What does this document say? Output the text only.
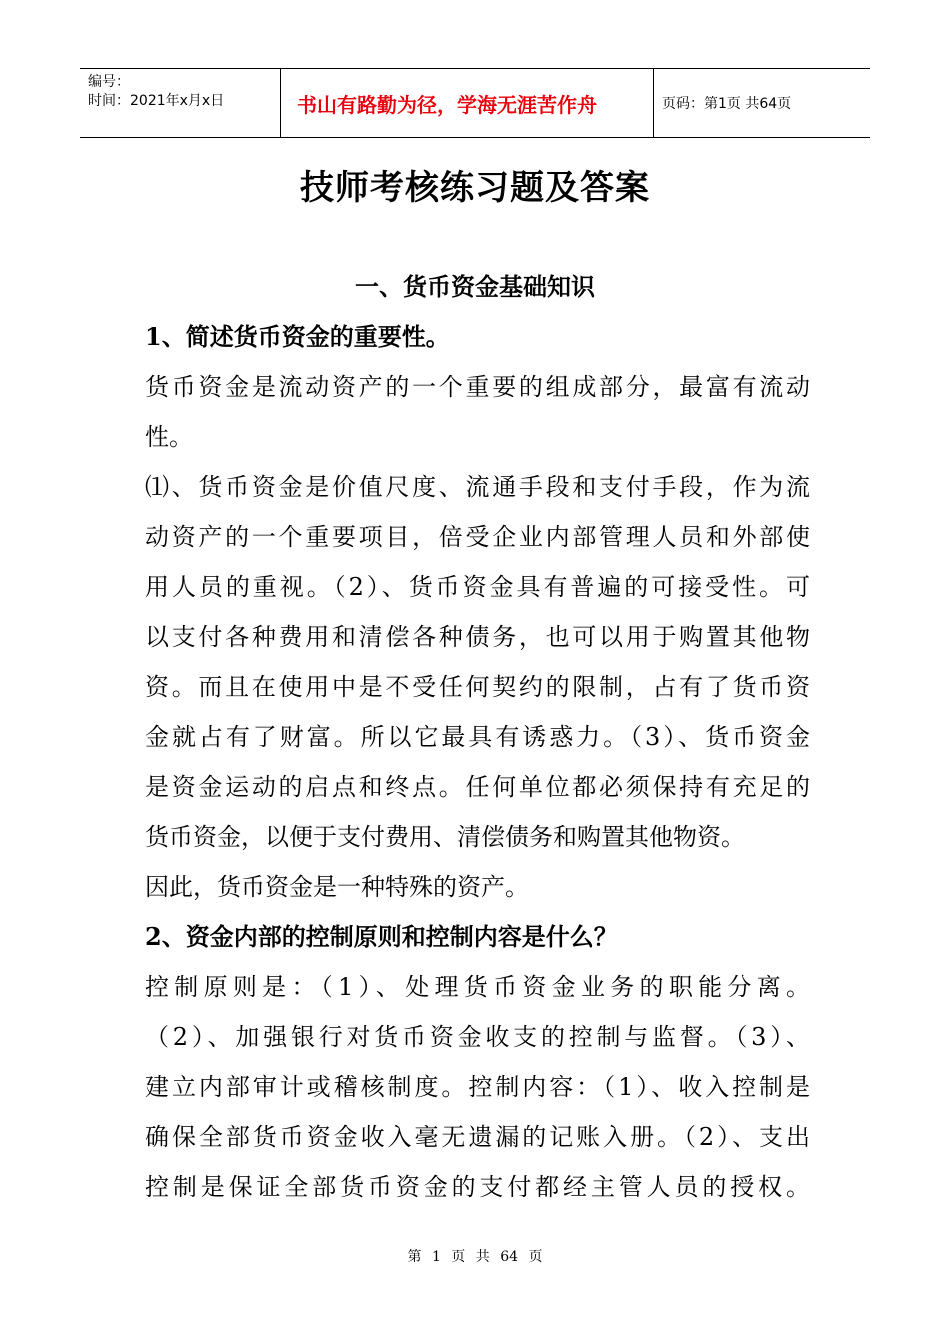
编号：
时间：2021年x月x日	书山有路勤为径，学海无涯苦作舟	页码：第1页 共64页
技师考核练习题及答案
一、货币资金基础知识
1、简述货币资金的重要性。
货币资金是流动资产的一个重要的组成部分，最富有流动
性。
⑴、货币资金是价值尺度、流通手段和支付手段，作为流
动资产的一个重要项目，倍受企业内部管理人员和外部使
用人员的重视。（2）、货币资金具有普遍的可接受性。可
以支付各种费用和清偿各种债务，也可以用于购置其他物
资。而且在使用中是不受任何契约的限制，占有了货币资
金就占有了财富。所以它最具有诱惑力。（3）、货币资金
是资金运动的启点和终点。任何单位都必须保持有充足的
货币资金，以便于支付费用、清偿债务和购置其他物资。
因此，货币资金是一种特殊的资产。
2、资金内部的控制原则和控制内容是什么？
控制原则是：（1）、处理货币资金业务的职能分离。
（2）、加强银行对货币资金收支的控制与监督。（3）、
建立内部审计或稽核制度。控制内容：（1）、收入控制是
确保全部货币资金收入毫无遗漏的记账入册。（2）、支出
控制是保证全部货币资金的支付都经主管人员的授权。
第 1 页 共 64 页
